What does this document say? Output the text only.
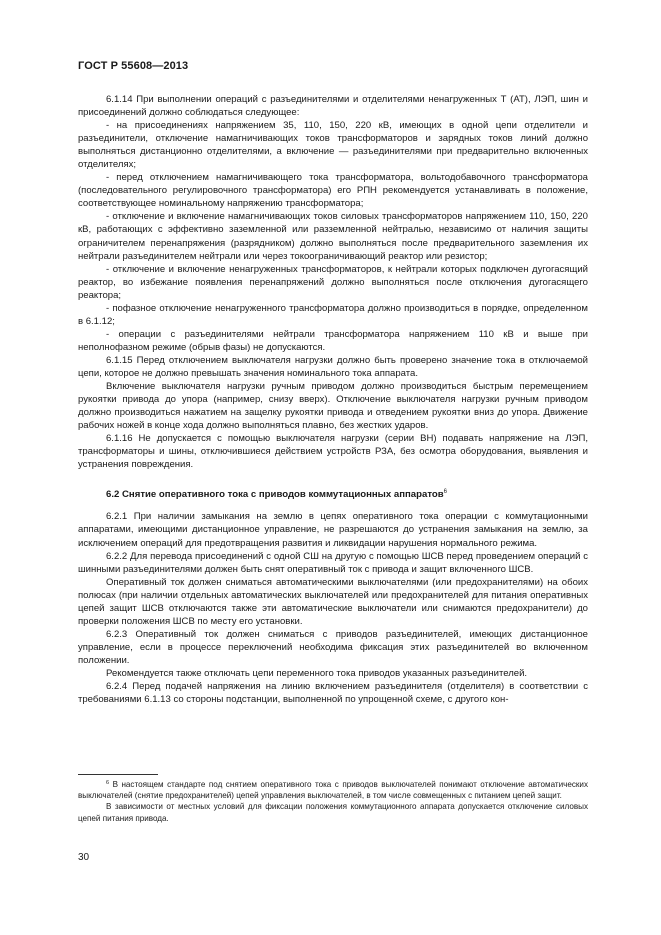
ГОСТ Р 55608—2013

6.1.14 При выполнении операций с разъединителями и отделителями ненагруженных Т (АТ), ЛЭП, шин и присоединений должно соблюдаться следующее:

- на присоединениях напряжением 35, 110, 150, 220 кВ, имеющих в одной цепи отделители и разъединители, отключение намагничивающих токов трансформаторов и зарядных токов линий должно выполняться дистанционно отделителями, а включение — разъединителями при предварительно включенных отделителях;

- перед отключением намагничивающего тока трансформатора, вольтодобавочного трансформатора (последовательного регулировочного трансформатора) его РПН рекомендуется устанавливать в положение, соответствующее номинальному напряжению трансформатора;

- отключение и включение намагничивающих токов силовых трансформаторов напряжением 110, 150, 220 кВ, работающих с эффективно заземленной или разземленной нейтралью, независимо от наличия защиты ограничителем перенапряжения (разрядником) должно выполняться после предварительного заземления их нейтрали разъединителем нейтрали или через токоограничивающий реактор или резистор;

- отключение и включение ненагруженных трансформаторов, к нейтрали которых подключен дугогасящий реактор, во избежание появления перенапряжений должно выполняться после отключения дугогасящего реактора;

- пофазное отключение ненагруженного трансформатора должно производиться в порядке, определенном в 6.1.12;

- операции с разъединителями нейтрали трансформатора напряжением 110 кВ и выше при неполнофазном режиме (обрыв фазы) не допускаются.

6.1.15 Перед отключением выключателя нагрузки должно быть проверено значение тока в отключаемой цепи, которое не должно превышать значения номинального тока аппарата.

Включение выключателя нагрузки ручным приводом должно производиться быстрым перемещением рукоятки привода до упора (например, снизу вверх). Отключение выключателя нагрузки ручным приводом должно производиться нажатием на защелку рукоятки привода и отведением рукоятки вниз до упора. Движение рабочих ножей в конце хода должно выполняться плавно, без жестких ударов.

6.1.16 Не допускается с помощью выключателя нагрузки (серии ВН) подавать напряжение на ЛЭП, трансформаторы и шины, отключившиеся действием устройств РЗА, без осмотра оборудования, выявления и устранения повреждения.

6.2 Снятие оперативного тока с приводов коммутационных аппаратов$^6$

6.2.1 При наличии замыкания на землю в цепях оперативного тока операции с коммутационными аппаратами, имеющими дистанционное управление, не разрешаются до устранения замыкания на землю, за исключением операций для предотвращения развития и ликвидации нарушения нормального режима.

6.2.2 Для перевода присоединений с одной СШ на другую с помощью ШСВ перед проведением операций с шинными разъединителями должен быть снят оперативный ток с привода и защит включенного ШСВ.

Оперативный ток должен сниматься автоматическими выключателями (или предохранителями) на обоих полюсах (при наличии отдельных автоматических выключателей или предохранителей для питания оперативных цепей защит ШСВ отключаются также эти автоматические выключатели или снимаются предохранители) до проверки положения ШСВ по месту его установки.

6.2.3 Оперативный ток должен сниматься с приводов разъединителей, имеющих дистанционное управление, если в процессе переключений необходима фиксация этих разъединителей во включенном положении.

Рекомендуется также отключать цепи переменного тока приводов указанных разъединителей.

6.2.4 Перед подачей напряжения на линию включением разъединителя (отделителя) в соответствии с требованиями 6.1.13 со стороны подстанции, выполненной по упрощенной схеме, с другого кон-

$^6$ В настоящем стандарте под снятием оперативного тока с приводов выключателей понимают отключение автоматических выключателей (снятие предохранителей) цепей управления выключателей, в том числе совмещенных с питанием цепей защит.

В зависимости от местных условий для фиксации положения коммутационного аппарата допускается отключение силовых цепей питания привода.

30
